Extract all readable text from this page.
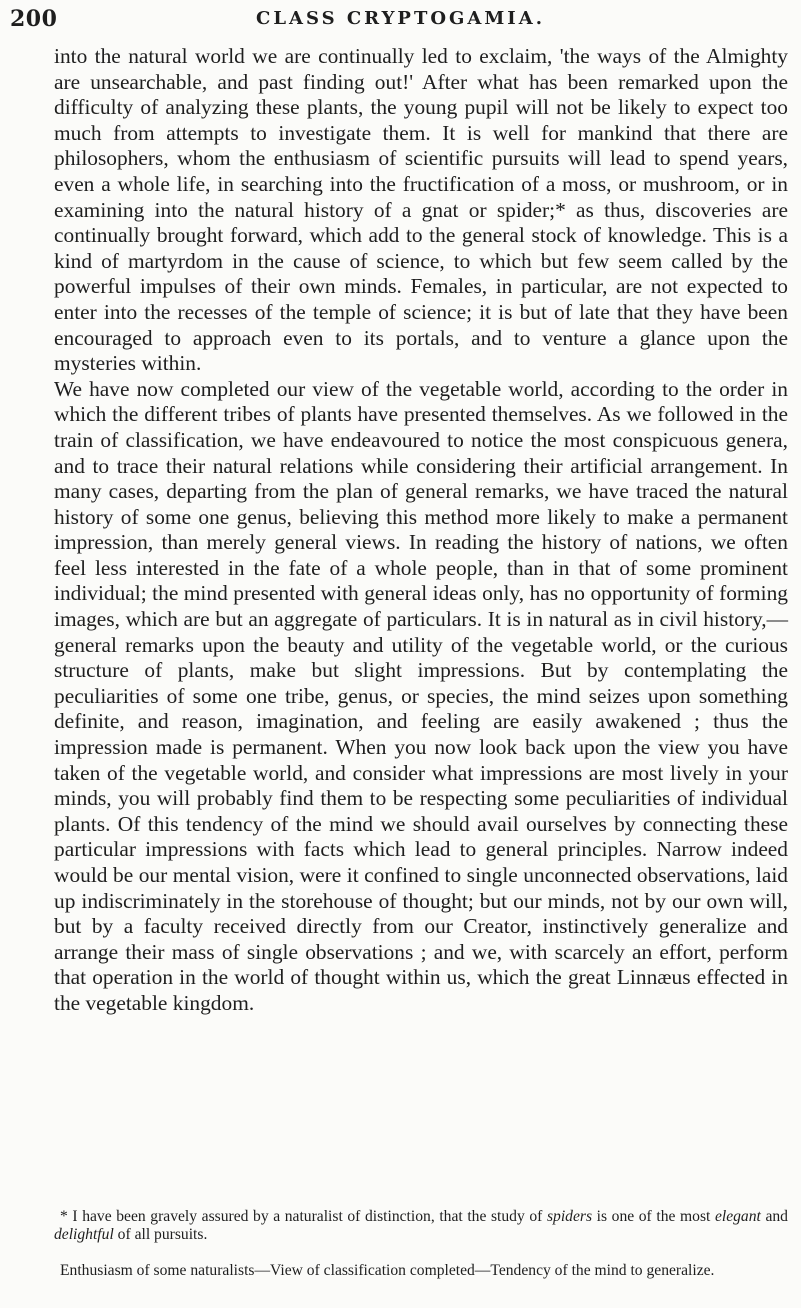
200	CLASS CRYPTOGAMIA.

into the natural world we are continually led to exclaim, 'the ways of the Almighty are unsearchable, and past finding out!' After what has been remarked upon the difficulty of analyzing these plants, the young pupil will not be likely to expect too much from attempts to investigate them. It is well for mankind that there are philosophers, whom the enthusiasm of scientific pursuits will lead to spend years, even a whole life, in searching into the fructification of a moss, or mushroom, or in examining into the natural history of a gnat or spider;* as thus, discoveries are continually brought forward, which add to the general stock of knowledge. This is a kind of martyrdom in the cause of science, to which but few seem called by the powerful impulses of their own minds. Females, in particular, are not expected to enter into the recesses of the temple of science; it is but of late that they have been encouraged to approach even to its portals, and to venture a glance upon the mysteries within.

We have now completed our view of the vegetable world, according to the order in which the different tribes of plants have presented themselves. As we followed in the train of classification, we have endeavoured to notice the most conspicuous genera, and to trace their natural relations while considering their artificial arrangement. In many cases, departing from the plan of general remarks, we have traced the natural history of some one genus, believing this method more likely to make a permanent impression, than merely general views. In reading the history of nations, we often feel less interested in the fate of a whole people, than in that of some prominent individual; the mind presented with general ideas only, has no opportunity of forming images, which are but an aggregate of particulars. It is in natural as in civil history,—general remarks upon the beauty and utility of the vegetable world, or the curious structure of plants, make but slight impressions. But by contemplating the peculiarities of some one tribe, genus, or species, the mind seizes upon something definite, and reason, imagination, and feeling are easily awakened ; thus the impression made is permanent. When you now look back upon the view you have taken of the vegetable world, and consider what impressions are most lively in your minds, you will probably find them to be respecting some peculiarities of individual plants. Of this tendency of the mind we should avail ourselves by connecting these particular impressions with facts which lead to general principles. Narrow indeed would be our mental vision, were it confined to single unconnected observations, laid up indiscriminately in the storehouse of thought; but our minds, not by our own will, but by a faculty received directly from our Creator, instinctively generalize and arrange their mass of single observations ; and we, with scarcely an effort, perform that operation in the world of thought within us, which the great Linnæus effected in the vegetable kingdom.

* I have been gravely assured by a naturalist of distinction, that the study of spiders is one of the most elegant and delightful of all pursuits.
Enthusiasm of some naturalists—View of classification completed—Tendency of the mind to generalize.
